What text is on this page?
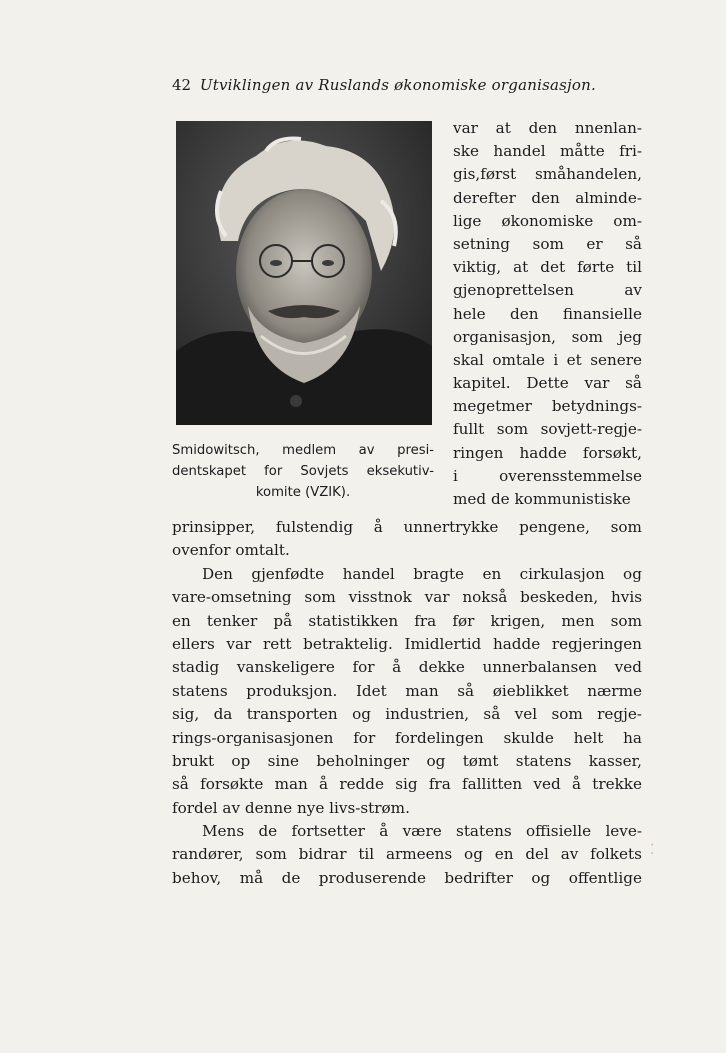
42 Utviklingen av Ruslands økonomiske organisasjon.
Smidowitsch, medlem av presi-
dentskapet for Sovjets eksekutiv-
komite (VZIK).
var at den nnenlan-
ske handel måtte fri-
gis,først småhandelen,
derefter den alminde-
lige økonomiske om-
setning som er så
viktig, at det førte til
gjenoprettelsen	av
hele den finansielle
organisasjon, som jeg
skal omtale i et senere
kapitel. Dette var så
megetmer betydnings-
fullt som sovjett-regje-
ringen hadde forsøkt,
i	overensstemmelse
med de kommunistiske
prinsipper, fulstendig å unnertrykke pengene, som
ovenfor omtalt.
Den gjenfødte handel bragte en cirkulasjon og
vare-omsetning som visstnok var nokså beskeden, hvis
en tenker på statistikken fra før krigen, men som
ellers var rett betraktelig. Imidlertid hadde regjeringen
stadig vanskeligere for å dekke unnerbalansen ved
statens produksjon. Idet man så øieblikket nærme
sig, da transporten og industrien, så vel som regje-
rings-organisasjonen for fordelingen skulde helt ha
brukt op sine beholninger og tømt statens kasser,
så forsøkte man å redde sig fra fallitten ved å trekke
fordel av denne nye livs-strøm.
Mens de fortsetter å være statens offisielle leve-
randører, som bidrar til armeens og en del av folkets
behov, må de produserende bedrifter og offentlige
⁚
